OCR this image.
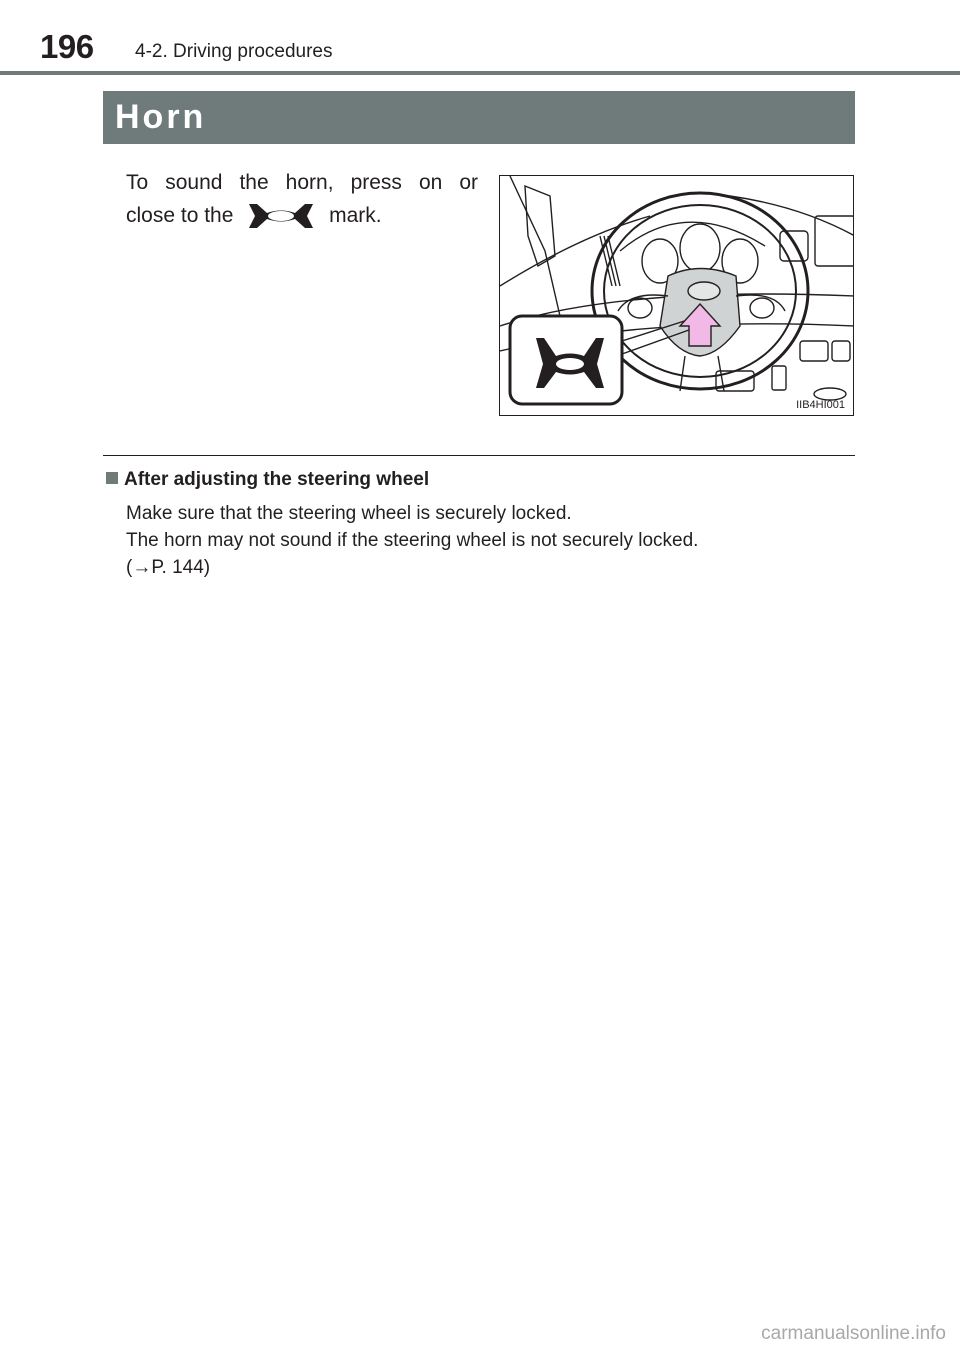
196 4-2. Driving procedures
Horn
To sound the horn, press on or
close to the	mark.
IIB4HI001
After adjusting the steering wheel

Make sure that the steering wheel is securely locked.

The horn may not sound if the steering wheel is not securely locked.

(→P. 144)

carmanualsonline.info
